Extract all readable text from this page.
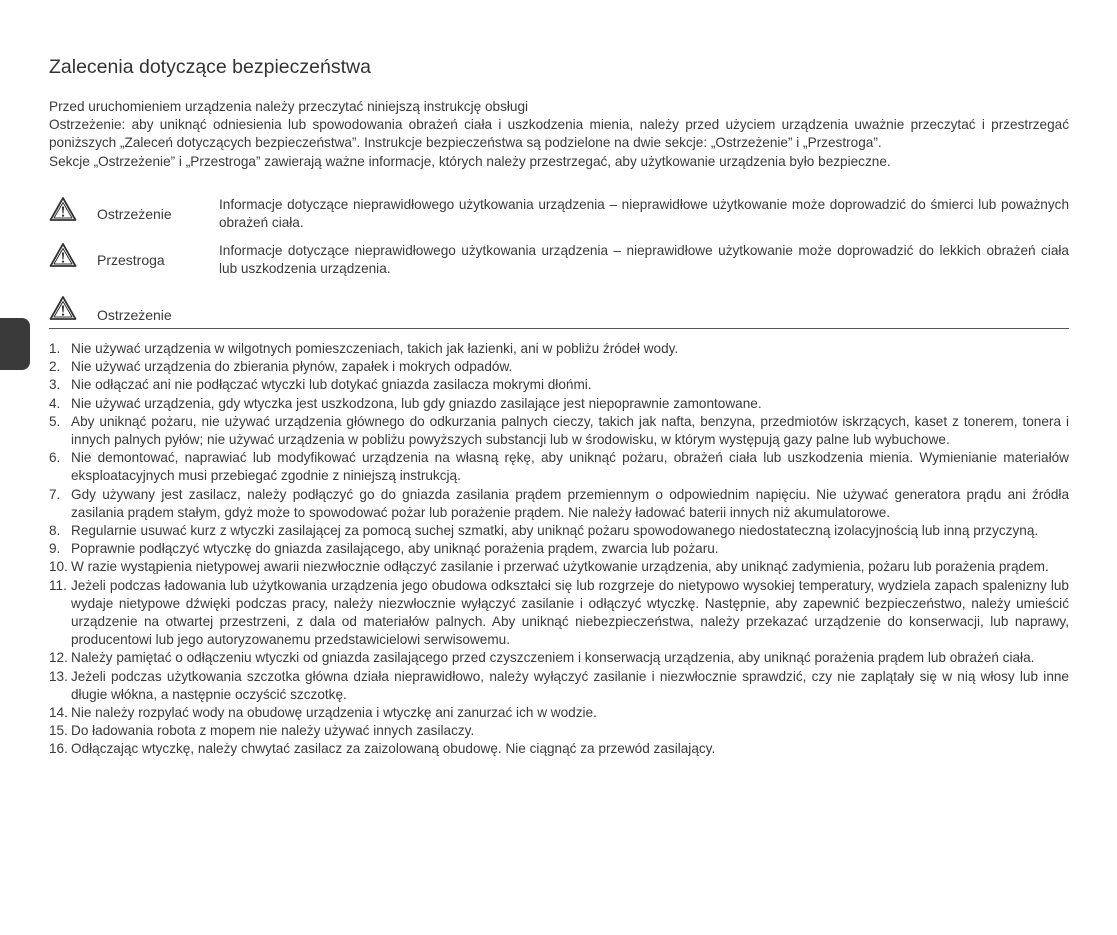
Zalecenia dotyczące bezpieczeństwa

Przed uruchomieniem urządzenia należy przeczytać niniejszą instrukcję obsługi

Ostrzeżenie: aby uniknąć odniesienia lub spowodowania obrażeń ciała i uszkodzenia mienia, należy przed użyciem urządzenia uważnie przeczytać i przestrzegać poniższych „Zaleceń dotyczących bezpieczeństwa”. Instrukcje bezpieczeństwa są podzielone na dwie sekcje: „Ostrzeżenie” i „Przestroga”.

Sekcje „Ostrzeżenie” i „Przestroga” zawierają ważne informacje, których należy przestrzegać, aby użytkowanie urządzenia było bezpieczne.

Ostrzeżenie
Informacje dotyczące nieprawidłowego użytkowania urządzenia – nieprawidłowe użytkowanie może doprowadzić do śmierci lub poważnych obrażeń ciała.
Przestroga
Informacje dotyczące nieprawidłowego użytkowania urządzenia – nieprawidłowe użytkowanie może doprowadzić do lekkich obrażeń ciała lub uszkodzenia urządzenia.
Ostrzeżenie
1. Nie używać urządzenia w wilgotnych pomieszczeniach, takich jak łazienki, ani w pobliżu źródeł wody.
2. Nie używać urządzenia do zbierania płynów, zapałek i mokrych odpadów.
3. Nie odłączać ani nie podłączać wtyczki lub dotykać gniazda zasilacza mokrymi dłońmi.
4. Nie używać urządzenia, gdy wtyczka jest uszkodzona, lub gdy gniazdo zasilające jest niepoprawnie zamontowane.
5. Aby uniknąć pożaru, nie używać urządzenia głównego do odkurzania palnych cieczy, takich jak nafta, benzyna, przedmiotów iskrzących, kaset z tonerem, tonera i innych palnych pyłów; nie używać urządzenia w pobliżu powyższych substancji lub w środowisku, w którym występują gazy palne lub wybuchowe.
6. Nie demontować, naprawiać lub modyfikować urządzenia na własną rękę, aby uniknąć pożaru, obrażeń ciała lub uszkodzenia mienia. Wymienianie materiałów eksploatacyjnych musi przebiegać zgodnie z niniejszą instrukcją.
7. Gdy używany jest zasilacz, należy podłączyć go do gniazda zasilania prądem przemiennym o odpowiednim napięciu. Nie używać generatora prądu ani źródła zasilania prądem stałym, gdyż może to spowodować pożar lub porażenie prądem. Nie należy ładować baterii innych niż akumulatorowe.
8. Regularnie usuwać kurz z wtyczki zasilającej za pomocą suchej szmatki, aby uniknąć pożaru spowodowanego niedostateczną izolacyjnością lub inną przyczyną.
9. Poprawnie podłączyć wtyczkę do gniazda zasilającego, aby uniknąć porażenia prądem, zwarcia lub pożaru.
10. W razie wystąpienia nietypowej awarii niezwłocznie odłączyć zasilanie i przerwać użytkowanie urządzenia, aby uniknąć zadymienia, pożaru lub porażenia prądem.
11. Jeżeli podczas ładowania lub użytkowania urządzenia jego obudowa odkształci się lub rozgrzeje do nietypowo wysokiej temperatury, wydziela zapach spalenizny lub wydaje nietypowe dźwięki podczas pracy, należy niezwłocznie wyłączyć zasilanie i odłączyć wtyczkę. Następnie, aby zapewnić bezpieczeństwo, należy umieścić urządzenie na otwartej przestrzeni, z dala od materiałów palnych. Aby uniknąć niebezpieczeństwa, należy przekazać urządzenie do konserwacji, lub naprawy, producentowi lub jego autoryzowanemu przedstawicielowi serwisowemu.
12. Należy pamiętać o odłączeniu wtyczki od gniazda zasilającego przed czyszczeniem i konserwacją urządzenia, aby uniknąć porażenia prądem lub obrażeń ciała.
13. Jeżeli podczas użytkowania szczotka główna działa nieprawidłowo, należy wyłączyć zasilanie i niezwłocznie sprawdzić, czy nie zaplątały się w nią włosy lub inne długie włókna, a następnie oczyścić szczotkę.
14. Nie należy rozpylać wody na obudowę urządzenia i wtyczkę ani zanurzać ich w wodzie.
15. Do ładowania robota z mopem nie należy używać innych zasilaczy.
16. Odłączając wtyczkę, należy chwytać zasilacz za zaizolowaną obudowę. Nie ciągnąć za przewód zasilający.
